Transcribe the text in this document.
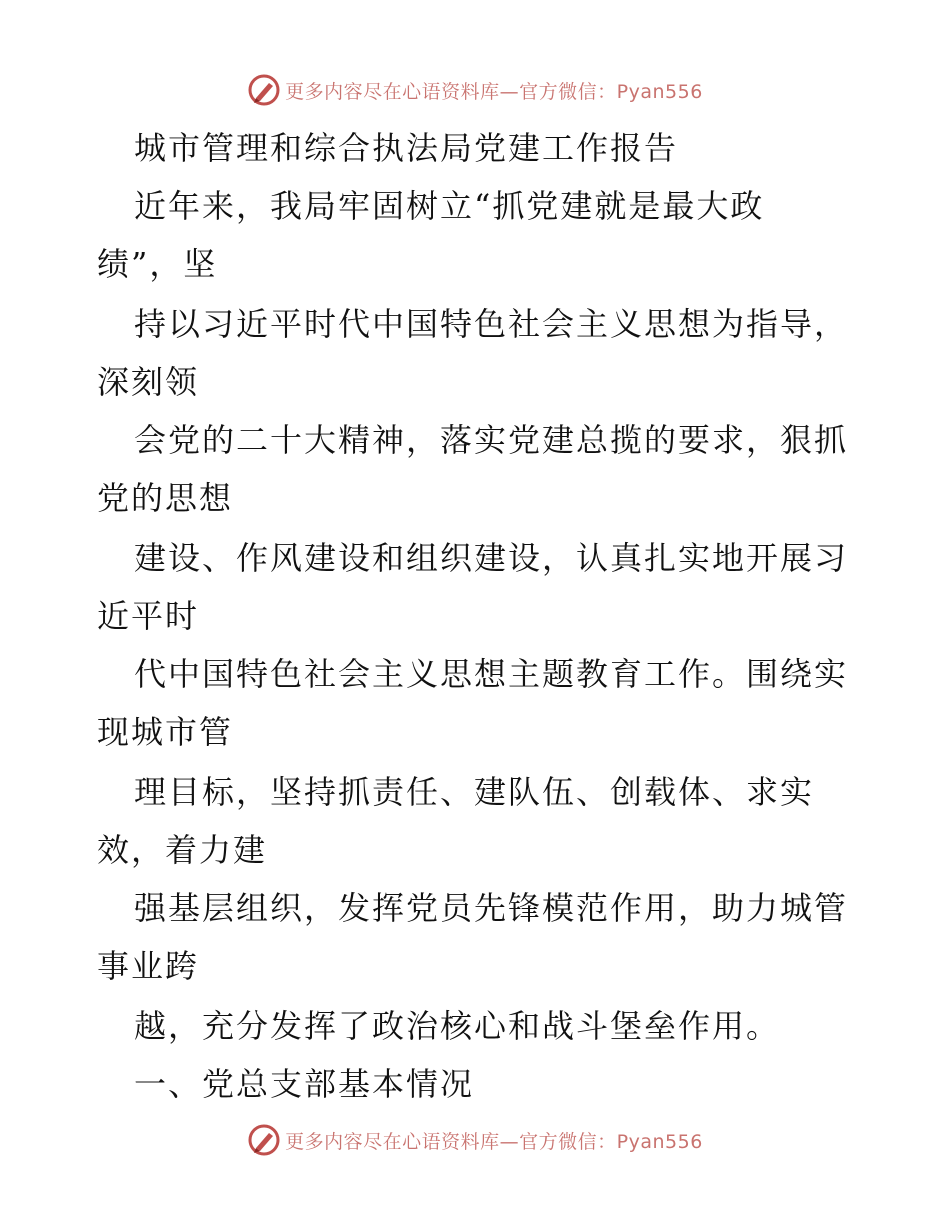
更多内容尽在心语资料库—官方微信：Pyan556
城市管理和综合执法局党建工作报告
近年来，我局牢固树立“抓党建就是最大政
绩”，坚
持以习近平时代中国特色社会主义思想为指导，
深刻领
会党的二十大精神，落实党建总揽的要求，狠抓
党的思想
建设、作风建设和组织建设，认真扎实地开展习
近平时
代中国特色社会主义思想主题教育工作。围绕实
现城市管
理目标，坚持抓责任、建队伍、创载体、求实
效，着力建
强基层组织，发挥党员先锋模范作用，助力城管
事业跨
越，充分发挥了政治核心和战斗堡垒作用。
一、党总支部基本情况
更多内容尽在心语资料库—官方微信：Pyan556
